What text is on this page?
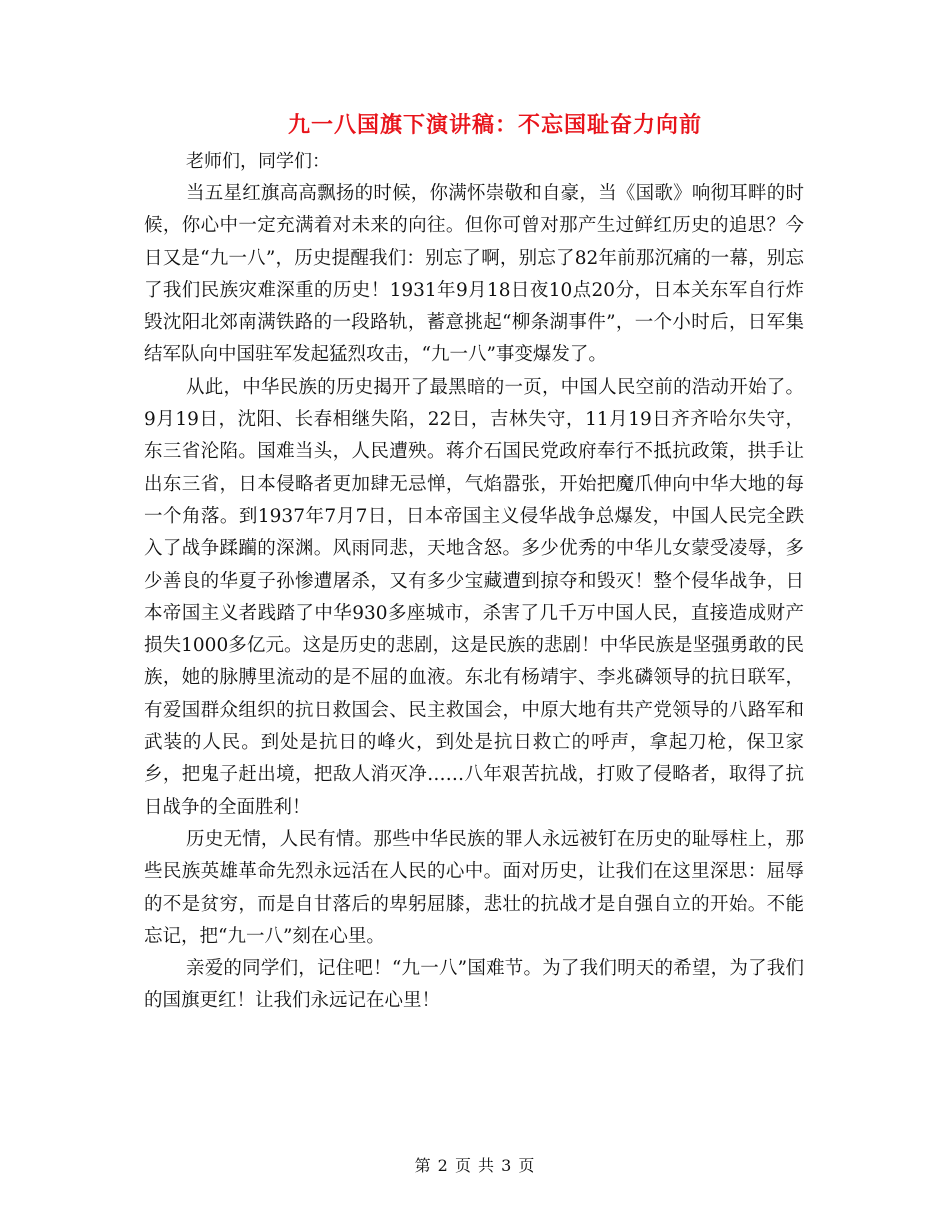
九一八国旗下演讲稿：不忘国耻奋力向前
老师们，同学们：

当五星红旗高高飘扬的时候，你满怀崇敬和自豪，当《国歌》响彻耳畔的时候，你心中一定充满着对未来的向往。但你可曾对那产生过鲜红历史的追思？今日又是“九一八”，历史提醒我们：别忘了啊，别忘了82年前那沉痛的一幕，别忘了我们民族灾难深重的历史！1931年9月18日夜10点20分，日本关东军自行炸毁沈阳北郊南满铁路的一段路轨，蓄意挑起“柳条湖事件”，一个小时后，日军集结军队向中国驻军发起猛烈攻击，“九一八”事变爆发了。

从此，中华民族的历史揭开了最黑暗的一页，中国人民空前的浩动开始了。9月19日，沈阳、长春相继失陷，22日，吉林失守，11月19日齐齐哈尔失守，东三省沦陷。国难当头，人民遭殃。蒋介石国民党政府奉行不抵抗政策，拱手让出东三省，日本侵略者更加肆无忌惮，气焰嚣张，开始把魔爪伸向中华大地的每一个角落。到1937年7月7日，日本帝国主义侵华战争总爆发，中国人民完全跌入了战争蹂躏的深渊。风雨同悲，天地含怒。多少优秀的中华儿女蒙受凌辱，多少善良的华夏子孙惨遭屠杀，又有多少宝藏遭到掠夺和毁灭！整个侵华战争，日本帝国主义者践踏了中华930多座城市，杀害了几千万中国人民，直接造成财产损失1000多亿元。这是历史的悲剧，这是民族的悲剧！中华民族是坚强勇敢的民族，她的脉膊里流动的是不屈的血液。东北有杨靖宇、李兆磷领导的抗日联军，有爱国群众组织的抗日救国会、民主救国会，中原大地有共产党领导的八路军和武装的人民。到处是抗日的峰火，到处是抗日救亡的呼声，拿起刀枪，保卫家乡，把鬼子赶出境，把敌人消灭净……八年艰苦抗战，打败了侵略者，取得了抗日战争的全面胜利！

历史无情，人民有情。那些中华民族的罪人永远被钉在历史的耻辱柱上，那些民族英雄革命先烈永远活在人民的心中。面对历史，让我们在这里深思：屈辱的不是贫穷，而是自甘落后的卑躬屈膝，悲壮的抗战才是自强自立的开始。不能忘记，把“九一八”刻在心里。

亲爱的同学们，记住吧！“九一八”国难节。为了我们明天的希望，为了我们的国旗更红！让我们永远记在心里！

第 2 页 共 3 页
